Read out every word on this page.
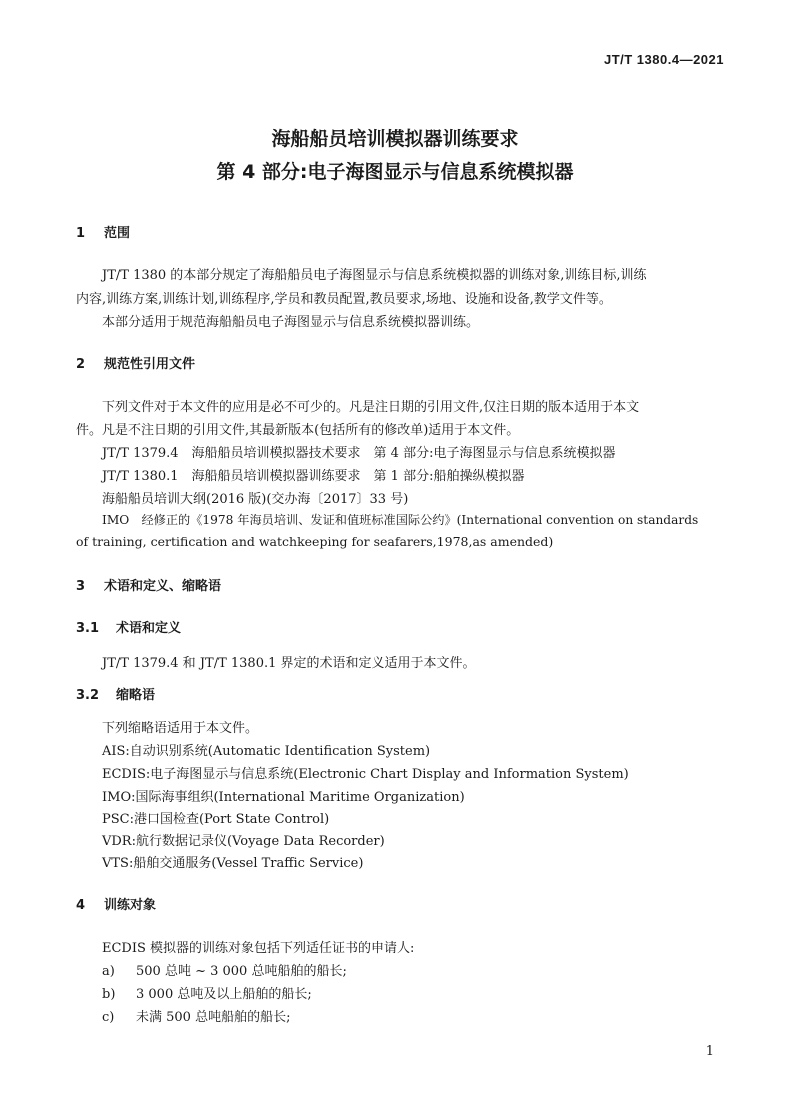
JT/T 1380.4—2021
海船船员培训模拟器训练要求
第 4 部分:电子海图显示与信息系统模拟器
1 范围
JT/T 1380 的本部分规定了海船船员电子海图显示与信息系统模拟器的训练对象,训练目标,训练
内容,训练方案,训练计划,训练程序,学员和教员配置,教员要求,场地、设施和设备,教学文件等。
本部分适用于规范海船船员电子海图显示与信息系统模拟器训练。
2 规范性引用文件
下列文件对于本文件的应用是必不可少的。凡是注日期的引用文件,仅注日期的版本适用于本文
件。凡是不注日期的引用文件,其最新版本(包括所有的修改单)适用于本文件。
JT/T 1379.4　海船船员培训模拟器技术要求　第 4 部分:电子海图显示与信息系统模拟器
JT/T 1380.1　海船船员培训模拟器训练要求　第 1 部分:船舶操纵模拟器
海船船员培训大纲(2016 版)(交办海〔2017〕33 号)
IMO　经修正的《1978 年海员培训、发证和值班标准国际公约》(International convention on standards
of training, certification and watchkeeping for seafarers,1978,as amended)
3 术语和定义、缩略语
3.1 术语和定义
JT/T 1379.4 和 JT/T 1380.1 界定的术语和定义适用于本文件。
3.2 缩略语
下列缩略语适用于本文件。
AIS:自动识别系统(Automatic Identification System)
ECDIS:电子海图显示与信息系统(Electronic Chart Display and Information System)
IMO:国际海事组织(International Maritime Organization)
PSC:港口国检查(Port State Control)
VDR:航行数据记录仪(Voyage Data Recorder)
VTS:船舶交通服务(Vessel Traffic Service)
4 训练对象
ECDIS 模拟器的训练对象包括下列适任证书的申请人:
a) 500 总吨 ~ 3 000 总吨船舶的船长;
b) 3 000 总吨及以上船舶的船长;
c) 未满 500 总吨船舶的船长;
1
